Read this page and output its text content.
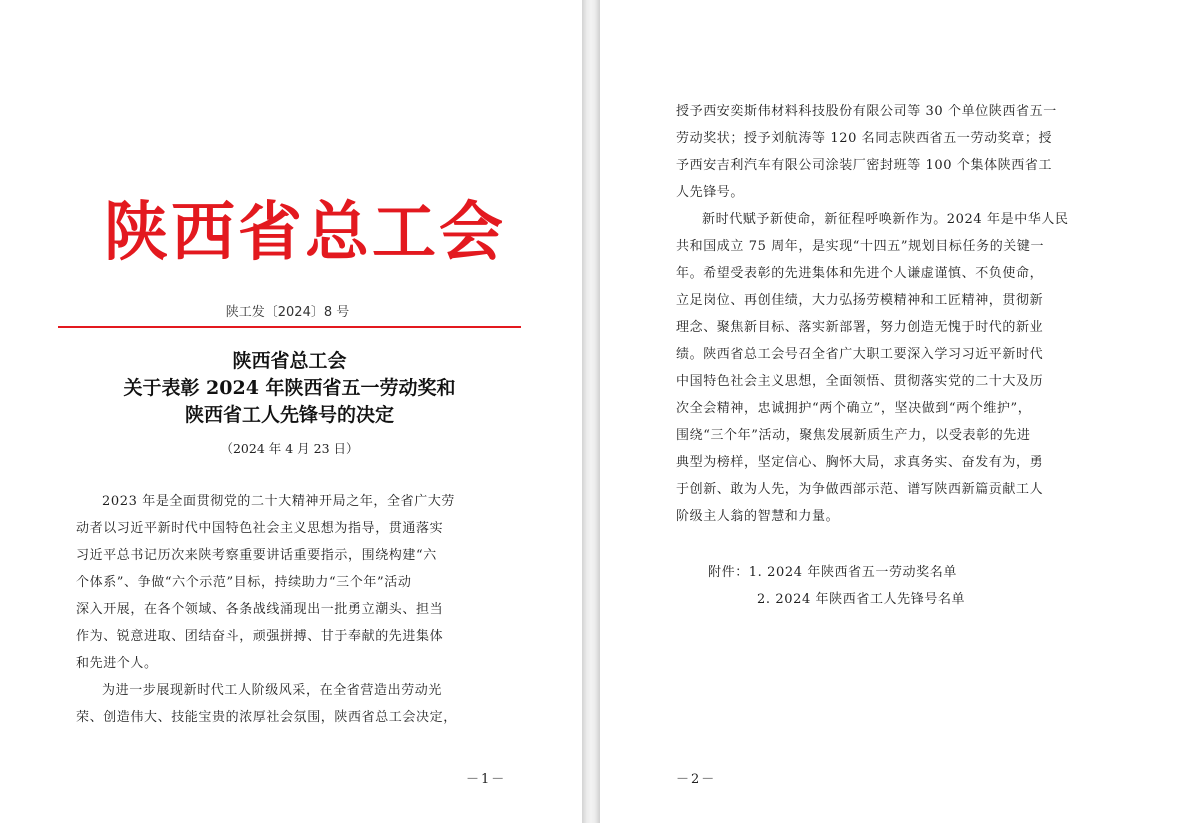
陕西省总工会
陕工发〔2024〕8 号
陕西省总工会
关于表彰 2024 年陕西省五一劳动奖和
陕西省工人先锋号的决定
（2024 年 4 月 23 日）
2023 年是全面贯彻党的二十大精神开局之年，全省广大劳
动者以习近平新时代中国特色社会主义思想为指导，贯通落实
习近平总书记历次来陕考察重要讲话重要指示，围绕构建“六
个体系”、争做“六个示范”目标，持续助力“三个年”活动
深入开展，在各个领域、各条战线涌现出一批勇立潮头、担当
作为、锐意进取、团结奋斗，顽强拼搏、甘于奉献的先进集体
和先进个人。
为进一步展现新时代工人阶级风采，在全省营造出劳动光
荣、创造伟大、技能宝贵的浓厚社会氛围，陕西省总工会决定，
－1－
授予西安奕斯伟材料科技股份有限公司等 30 个单位陕西省五一
劳动奖状；授予刘航涛等 120 名同志陕西省五一劳动奖章；授
予西安吉利汽车有限公司涂装厂密封班等 100 个集体陕西省工
人先锋号。
新时代赋予新使命，新征程呼唤新作为。2024 年是中华人民
共和国成立 75 周年，是实现“十四五”规划目标任务的关键一
年。希望受表彰的先进集体和先进个人谦虚谨慎、不负使命，
立足岗位、再创佳绩，大力弘扬劳模精神和工匠精神，贯彻新
理念、聚焦新目标、落实新部署，努力创造无愧于时代的新业
绩。陕西省总工会号召全省广大职工要深入学习习近平新时代
中国特色社会主义思想，全面领悟、贯彻落实党的二十大及历
次全会精神，忠诚拥护“两个确立”，坚决做到“两个维护”，
围绕“三个年”活动，聚焦发展新质生产力，以受表彰的先进
典型为榜样，坚定信心、胸怀大局，求真务实、奋发有为，勇
于创新、敢为人先，为争做西部示范、谱写陕西新篇贡献工人
阶级主人翁的智慧和力量。
附件：1. 2024 年陕西省五一劳动奖名单
2. 2024 年陕西省工人先锋号名单
－2－
